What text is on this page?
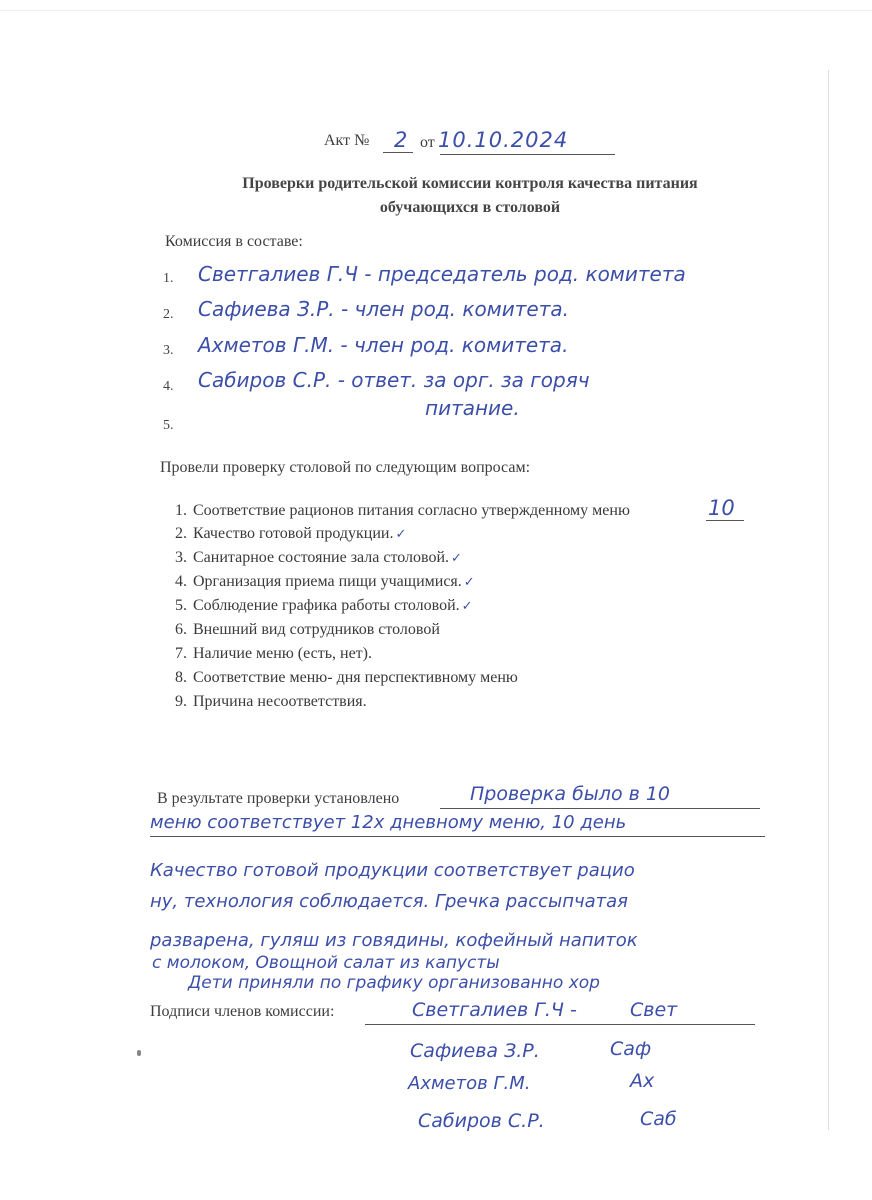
Акт № 2 от 10.10.2024
Проверки родительской комиссии контроля качества питания
обучающихся в столовой
Комиссия в составе:
1. Светгалиев Г.Ч - председатель род. комитета
2. Сафиева З.Р. - член род. комитета.
3. Ахметов Г.М. - член род. комитета.
4. Сабиров С.Р. - ответ. за орг. за горяч
питание.
5.
Провели проверку столовой по следующим вопросам:
1. Соответствие рационов питания согласно утвержденному меню	10
2. Качество готовой продукции. ✓
3. Санитарное состояние зала столовой. ✓
4. Организация приема пищи учащимися. ✓
5. Соблюдение графика работы столовой. ✓
6. Внешний вид сотрудников столовой
7. Наличие меню (есть, нет).
8. Соответствие меню- дня перспективному меню
9. Причина несоответствия.
В результате проверки установлено	Проверка было в 10
меню соответствует 12х дневному меню, 10 день
Качество готовой продукции соответствует рацио
ну, технология соблюдается. Гречка рассыпчатая
разварена, гуляш из говядины, кофейный напиток
с молоком, Овощной салат из капусты
Дети приняли по графику организованно хор
Подписи членов комиссии:	Светгалиев Г.Ч -	Свет
Сафиева З.Р.	Саф
Ахметов Г.М.	Ах
Сабиров С.Р.	Саб
